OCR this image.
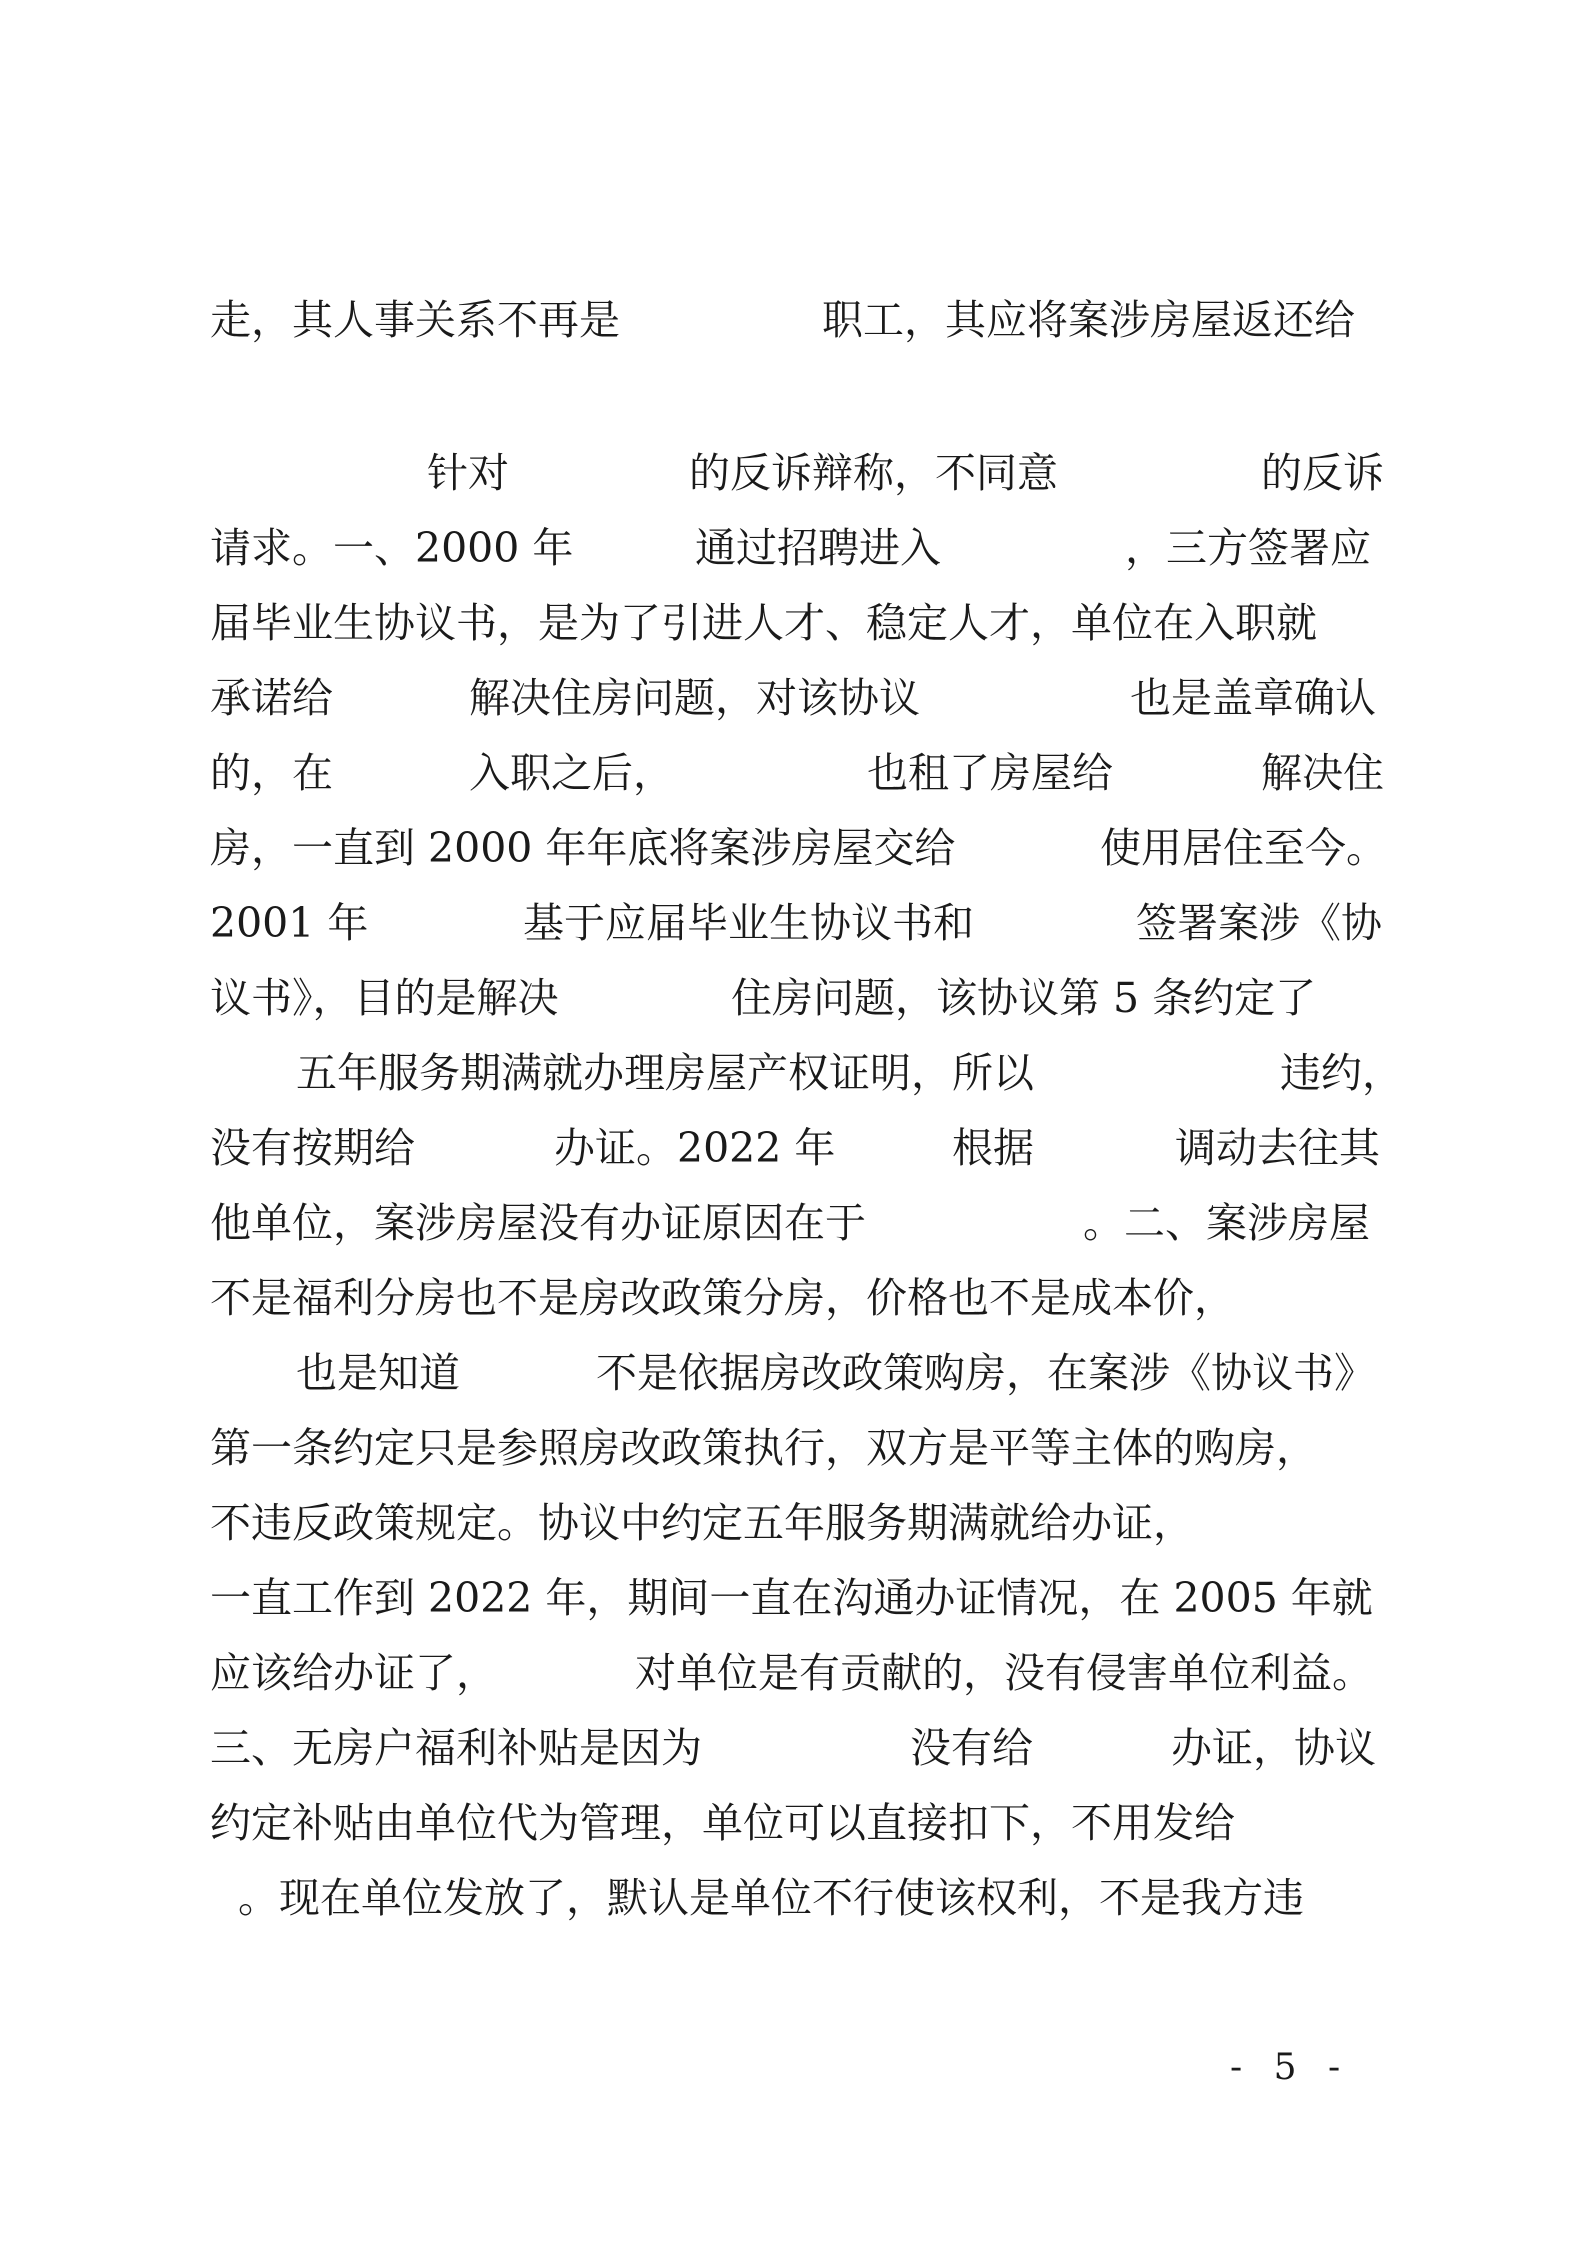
走，其人事关系不再是	职工，其应将案涉房屋返还给
针对	的反诉辩称，不同意	的反诉
请求。一、2000 年	通过招聘进入	，三方签署应
届毕业生协议书，是为了引进人才、稳定人才，单位在入职就
承诺给	解决住房问题，对该协议	也是盖章确认
的，在	入职之后，	也租了房屋给	解决住
房，一直到 2000 年年底将案涉房屋交给	使用居住至今。
2001 年	基于应届毕业生协议书和	签署案涉《协
议书》，目的是解决	住房问题，该协议第 5 条约定了
五年服务期满就办理房屋产权证明，所以	违约，
没有按期给	办证。2022 年	根据	调动去往其
他单位，案涉房屋没有办证原因在于	。二、案涉房屋
不是福利分房也不是房改政策分房，价格也不是成本价，
也是知道	不是依据房改政策购房，在案涉《协议书》
第一条约定只是参照房改政策执行，双方是平等主体的购房，
不违反政策规定。协议中约定五年服务期满就给办证，
一直工作到 2022 年，期间一直在沟通办证情况，在 2005 年就
应该给办证了，	对单位是有贡献的，没有侵害单位利益。
三、无房户福利补贴是因为	没有给	办证，协议
约定补贴由单位代为管理，单位可以直接扣下，不用发给
。现在单位发放了，默认是单位不行使该权利，不是我方违
- 5 -
